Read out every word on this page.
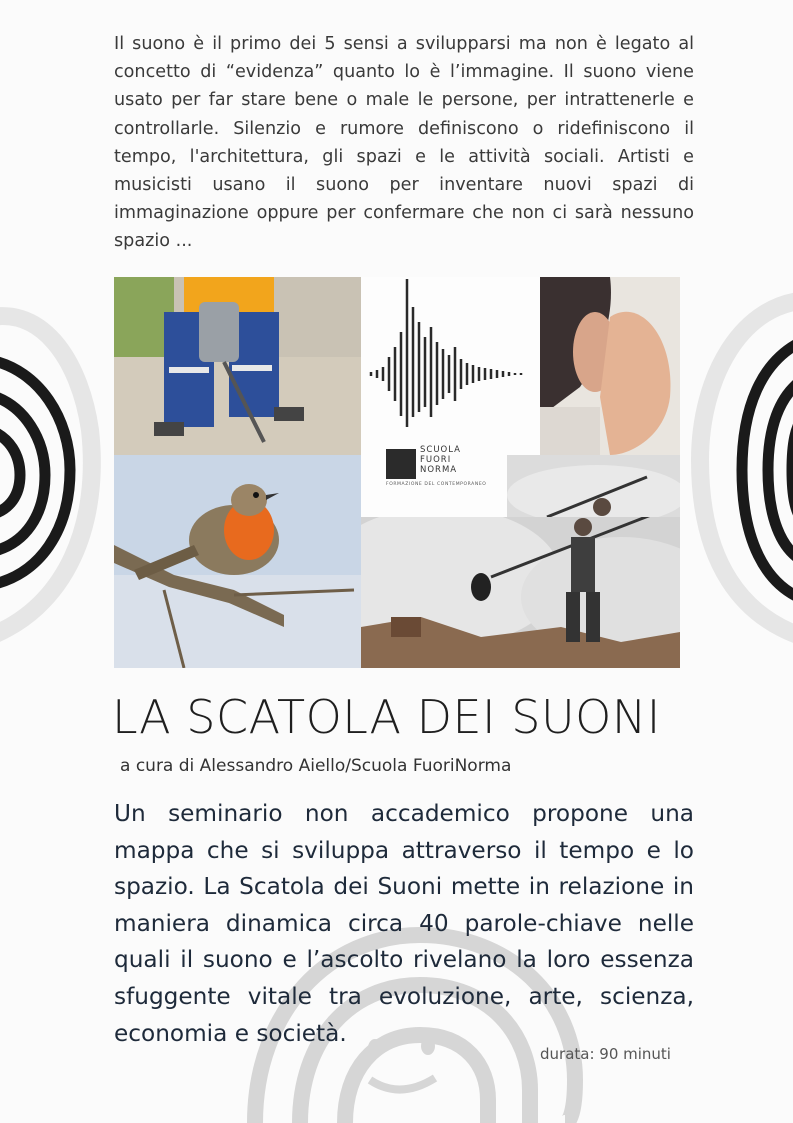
Il suono è il primo dei 5 sensi a svilupparsi ma non è legato al concetto di “evidenza” quanto lo è l’immagine. Il suono viene usato per far stare bene o male le persone, per intrattenerle e controllarle. Silenzio e rumore definiscono o ridefiniscono il tempo, l'architettura, gli spazi e le attività sociali. Artisti e musicisti usano il suono per inventare nuovi spazi di immaginazione oppure per confermare che non ci sarà nessuno spazio ...
SCUOLA
FUORI
NORMA
FORMAZIONE DEL CONTEMPORANEO
LA SCATOLA DEI SUONI
a cura di Alessandro Aiello/Scuola FuoriNorma
Un seminario non accademico propone una mappa che si sviluppa attraverso il tempo e lo spazio. La Scatola dei Suoni mette in relazione in maniera dinamica circa 40 parole-chiave nelle quali il suono e l’ascolto rivelano la loro essenza sfuggente vitale tra evoluzione, arte, scienza, economia e società.
durata: 90 minuti
